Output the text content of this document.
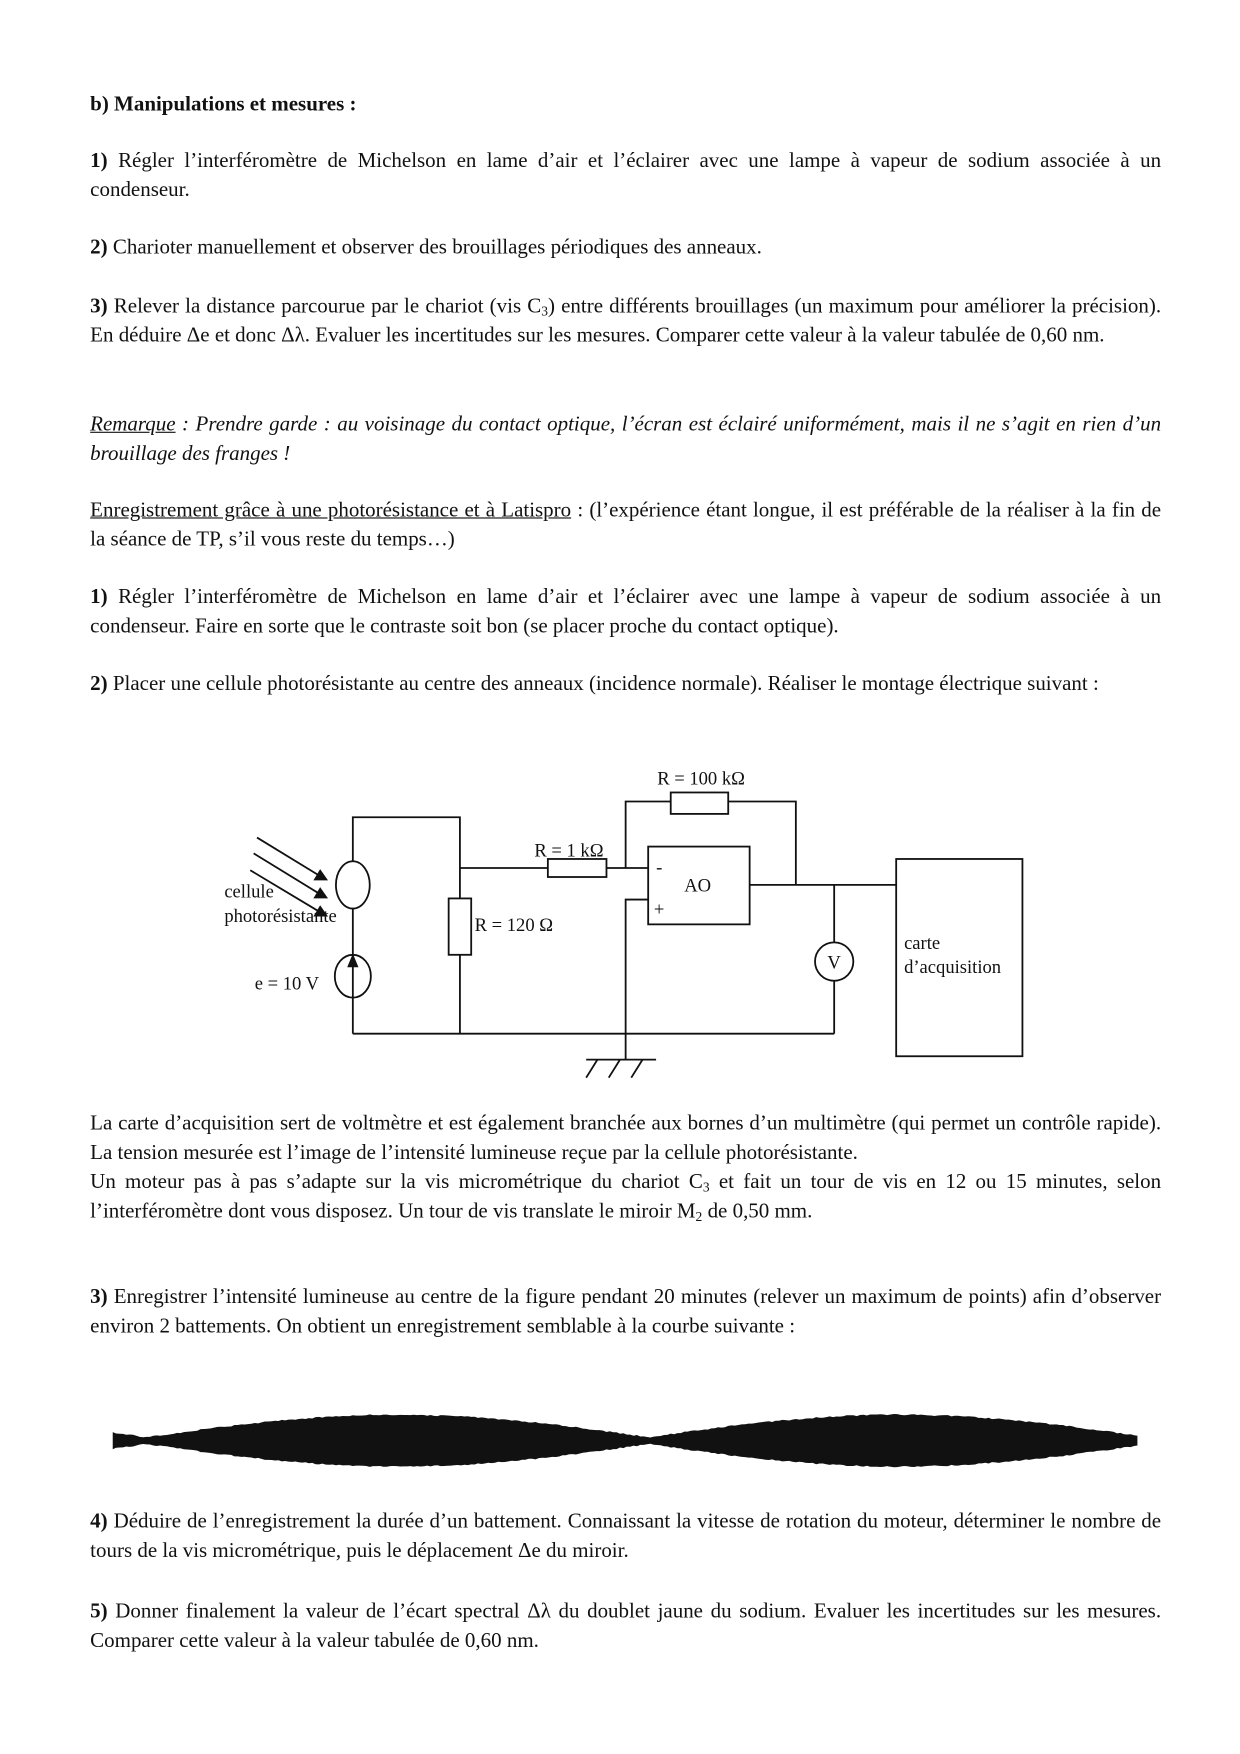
b) Manipulations et mesures :
1) Régler l’interféromètre de Michelson en lame d’air et l’éclairer avec une lampe à vapeur de sodium associée à un condenseur.
2) Charioter manuellement et observer des brouillages périodiques des anneaux.
3) Relever la distance parcourue par le chariot (vis $C_3$) entre différents brouillages (un maximum pour améliorer la précision). En déduire Δe et donc Δλ. Evaluer les incertitudes sur les mesures. Comparer cette valeur à la valeur tabulée de 0,60 nm.
Remarque : Prendre garde : au voisinage du contact optique, l’écran est éclairé uniformément, mais il ne s’agit en rien d’un brouillage des franges !
Enregistrement grâce à une photorésistance et à Latispro : (l’expérience étant longue, il est préférable de la réaliser à la fin de la séance de TP, s’il vous reste du temps…)
1) Régler l’interféromètre de Michelson en lame d’air et l’éclairer avec une lampe à vapeur de sodium associée à un condenseur. Faire en sorte que le contraste soit bon (se placer proche du contact optique).
2) Placer une cellule photorésistante au centre des anneaux (incidence normale). Réaliser le montage électrique suivant :
La carte d’acquisition sert de voltmètre et est également branchée aux bornes d’un multimètre (qui permet un contrôle rapide). La tension mesurée est l’image de l’intensité lumineuse reçue par la cellule photorésistante.
Un moteur pas à pas s’adapte sur la vis micrométrique du chariot $C_3$ et fait un tour de vis en 12 ou 15 minutes, selon l’interféromètre dont vous disposez. Un tour de vis translate le miroir $M_2$ de 0,50 mm.
3) Enregistrer l’intensité lumineuse au centre de la figure pendant 20 minutes (relever un maximum de points) afin d’observer environ 2 battements. On obtient un enregistrement semblable à la courbe suivante :
4) Déduire de l’enregistrement la durée d’un battement. Connaissant la vitesse de rotation du moteur, déterminer le nombre de tours de la vis micrométrique, puis le déplacement Δe du miroir.
5) Donner finalement la valeur de l’écart spectral Δλ du doublet jaune du sodium. Evaluer les incertitudes sur les mesures. Comparer cette valeur à la valeur tabulée de 0,60 nm.
R = 100 kΩ
R = 1 kΩ
R = 120 Ω
AO
-
+
cellule
photorésistante
e = 10 V
V
carte
d’acquisition
